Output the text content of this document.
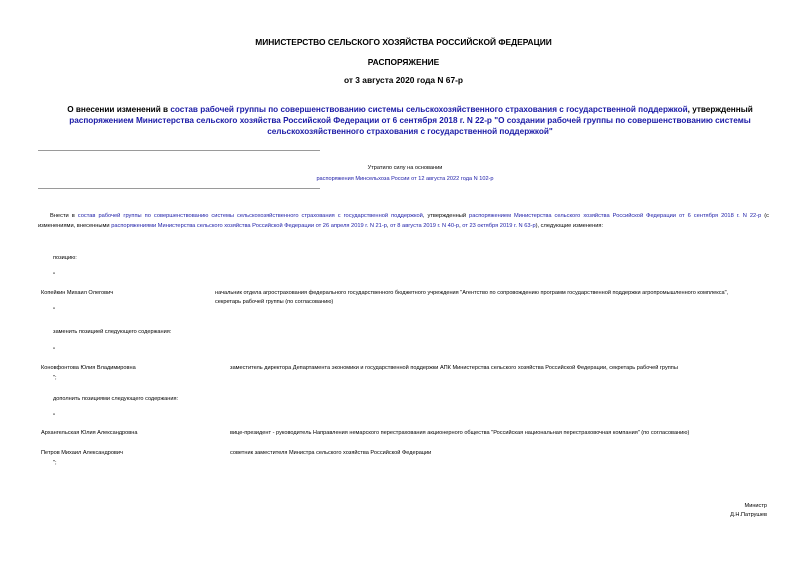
МИНИСТЕРСТВО СЕЛЬСКОГО ХОЗЯЙСТВА РОССИЙСКОЙ ФЕДЕРАЦИИ
РАСПОРЯЖЕНИЕ
от 3 августа 2020 года N 67-р
О внесении изменений в состав рабочей группы по совершенствованию системы сельскохозяйственного страхования с государственной поддержкой, утвержденный распоряжением Министерства сельского хозяйства Российской Федерации от 6 сентября 2018 г. N 22-р "О создании рабочей группы по совершенствованию системы сельскохозяйственного страхования с государственной поддержкой"
Утратило силу на основании
распоряжения Минсельхоза России от 12 августа 2022 года N 102-р
Внести в состав рабочей группы по совершенствованию системы сельскохозяйственного страхования с государственной поддержкой, утвержденный распоряжением Министерства сельского хозяйства Российской Федерации от 6 сентября 2018 г. N 22-р (с изменениями, внесенными распоряжениями Министерства сельского хозяйства Российской Федерации от 26 апреля 2019 г. N 21-р, от 8 августа 2019 г. N 40-р, от 23 октября 2019 г. N 63-р), следующие изменения:
позицию:
"
Копейкин Михаил Олегович	начальник отдела агрострахования федерального государственного бюджетного учреждения "Агентство по сопровождению программ государственной поддержки агропромышленного комплекса", секретарь рабочей группы (по согласованию)
"
заменить позицией следующего содержания:
"
Коновфонтова Юлия Владимировна	заместитель директора Департамента экономики и государственной поддержки АПК Министерства сельского хозяйства Российской Федерации, секретарь рабочей группы
";
дополнить позициями следующего содержания:
"
Архангельская Юлия Александровна	вице-президент - руководитель Направления немарского перестрахования акционерного общества "Российская национальная перестраховочная компания" (по согласованию)
Петров Михаил Александрович	советник заместителя Министра сельского хозяйства Российской Федерации
";
Министр
Д.Н.Патрушев
